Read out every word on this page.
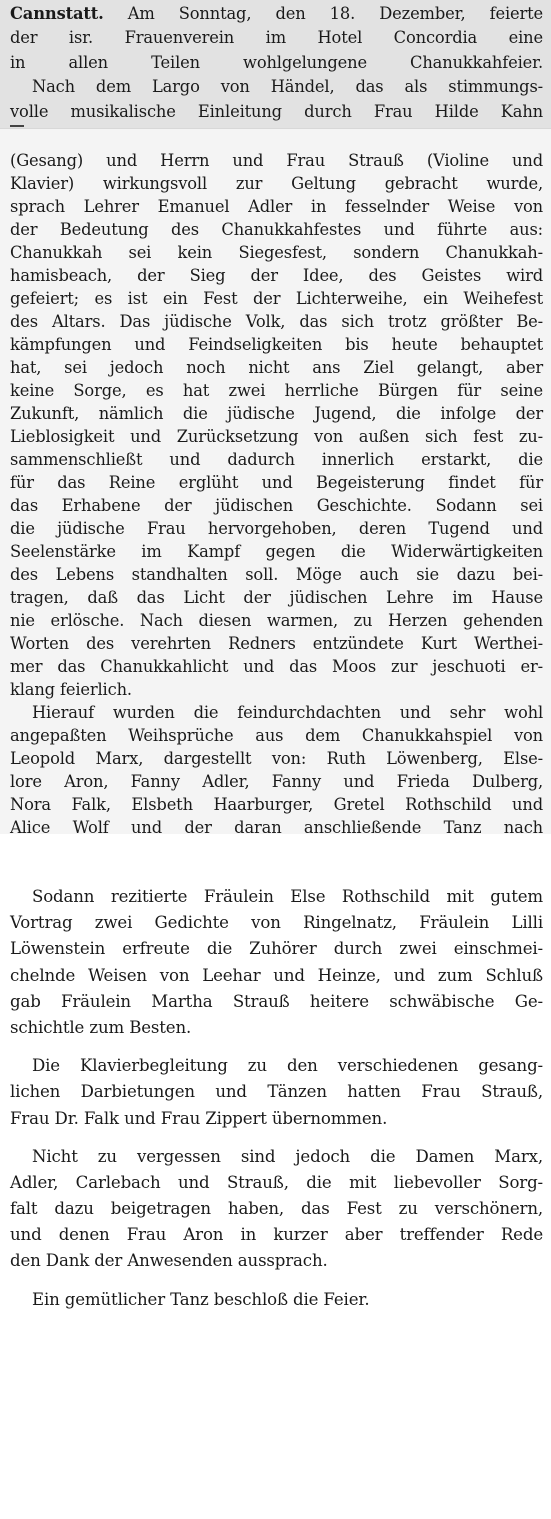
Cannstatt. Am Sonntag, den 18. Dezember, feierte
der isr. Frauenverein im Hotel Concordia eine
in allen Teilen wohlgelungene Chanukkahfeier.
Nach dem Largo von Händel, das als stimmungs-
volle musikalische Einleitung durch Frau Hilde Kahn
(Gesang) und Herrn und Frau Strauß (Violine und
Klavier) wirkungsvoll zur Geltung gebracht wurde,
sprach Lehrer Emanuel Adler in fesselnder Weise von
der Bedeutung des Chanukkahfestes und führte aus:
Chanukkah sei kein Siegesfest, sondern Chanukkah-
hamisbeach, der Sieg der Idee, des Geistes wird
gefeiert; es ist ein Fest der Lichterweihe, ein Weihefest
des Altars. Das jüdische Volk, das sich trotz größter Be-
kämpfungen und Feindseligkeiten bis heute behauptet
hat, sei jedoch noch nicht ans Ziel gelangt, aber
keine Sorge, es hat zwei herrliche Bürgen für seine
Zukunft, nämlich die jüdische Jugend, die infolge der
Lieblosigkeit und Zurücksetzung von außen sich fest zu-
sammenschließt und dadurch innerlich erstarkt, die
für das Reine erglüht und Begeisterung findet für
das Erhabene der jüdischen Geschichte. Sodann sei
die jüdische Frau hervorgehoben, deren Tugend und
Seelenstärke im Kampf gegen die Widerwärtigkeiten
des Lebens standhalten soll. Möge auch sie dazu bei-
tragen, daß das Licht der jüdischen Lehre im Hause
nie erlösche. Nach diesen warmen, zu Herzen gehenden
Worten des verehrten Redners entzündete Kurt Werthei-
mer das Chanukkahlicht und das Moos zur jeschuoti er-
klang feierlich.
Hierauf wurden die feindurchdachten und sehr wohl
angepaßten Weihsprüche aus dem Chanukkahspiel von
Leopold Marx, dargestellt von: Ruth Löwenberg, Else-
lore Aron, Fanny Adler, Fanny und Frieda Dulberg,
Nora Falk, Elsbeth Haarburger, Gretel Rothschild und
Alice Wolf und der daran anschließende Tanz nach
Sodann rezitierte Fräulein Else Rothschild mit gutem
Vortrag zwei Gedichte von Ringelnatz, Fräulein Lilli
Löwenstein erfreute die Zuhörer durch zwei einschmei-
chelnde Weisen von Leehar und Heinze, und zum Schluß
gab Fräulein Martha Strauß heitere schwäbische Ge-
schichtle zum Besten.
Die Klavierbegleitung zu den verschiedenen gesang-
lichen Darbietungen und Tänzen hatten Frau Strauß,
Frau Dr. Falk und Frau Zippert übernommen.
Nicht zu vergessen sind jedoch die Damen Marx,
Adler, Carlebach und Strauß, die mit liebevoller Sorg-
falt dazu beigetragen haben, das Fest zu verschönern,
und denen Frau Aron in kurzer aber treffender Rede
den Dank der Anwesenden aussprach.
Ein gemütlicher Tanz beschloß die Feier.
